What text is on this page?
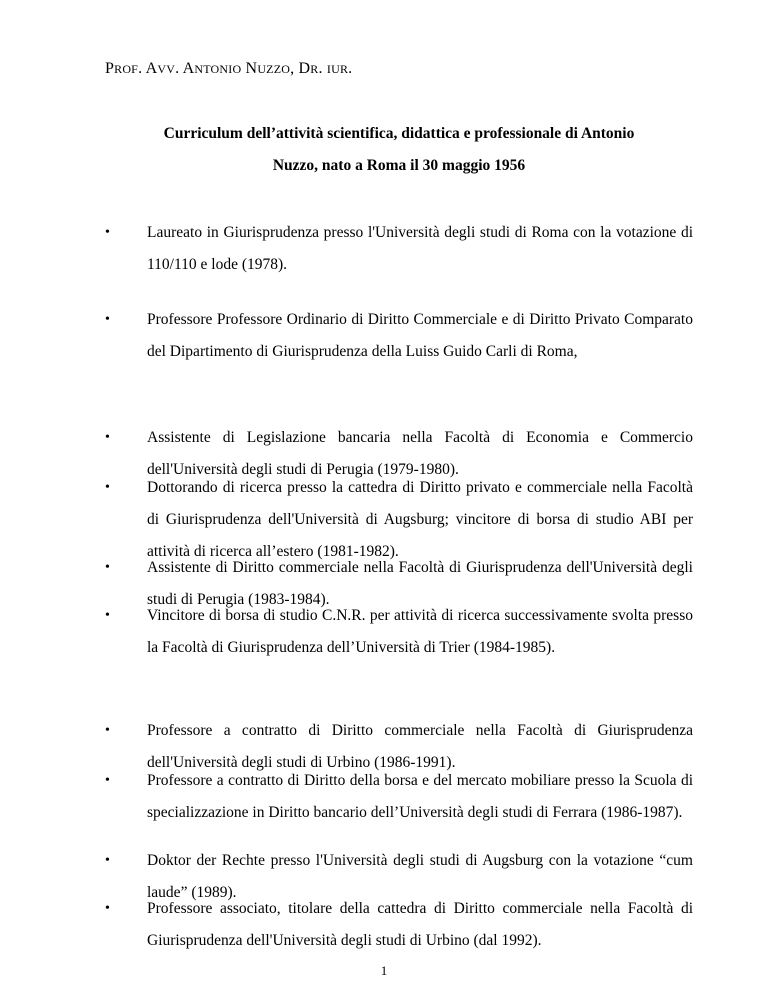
PROF. AVV. ANTONIO NUZZO, DR. IUR.
Curriculum dell’attività scientifica, didattica e professionale di Antonio
Nuzzo, nato a Roma il 30 maggio 1956
• Laureato in Giurisprudenza presso l'Università degli studi di Roma con la votazione di 110/110 e lode (1978).
• Professore Professore Ordinario di Diritto Commerciale e di Diritto Privato Comparato del Dipartimento di Giurisprudenza della Luiss Guido Carli di Roma,
• Assistente di Legislazione bancaria nella Facoltà di Economia e Commercio dell'Università degli studi di Perugia (1979-1980).
• Dottorando di ricerca presso la cattedra di Diritto privato e commerciale nella Facoltà di Giurisprudenza dell'Università di Augsburg; vincitore di borsa di studio ABI per attività di ricerca all’estero (1981-1982).
• Assistente di Diritto commerciale nella Facoltà di Giurisprudenza dell'Università degli studi di Perugia (1983-1984).
• Vincitore di borsa di studio C.N.R. per attività di ricerca successivamente svolta presso la Facoltà di Giurisprudenza dell’Università di Trier (1984-1985).
• Professore a contratto di Diritto commerciale nella Facoltà di Giurisprudenza dell'Università degli studi di Urbino (1986-1991).
• Professore a contratto di Diritto della borsa e del mercato mobiliare presso la Scuola di specializzazione in Diritto bancario dell’Università degli studi di Ferrara (1986-1987).
• Doktor der Rechte presso l'Università degli studi di Augsburg con la votazione “cum laude” (1989).
• Professore associato, titolare della cattedra di Diritto commerciale nella Facoltà di Giurisprudenza dell'Università degli studi di Urbino (dal 1992).
1
